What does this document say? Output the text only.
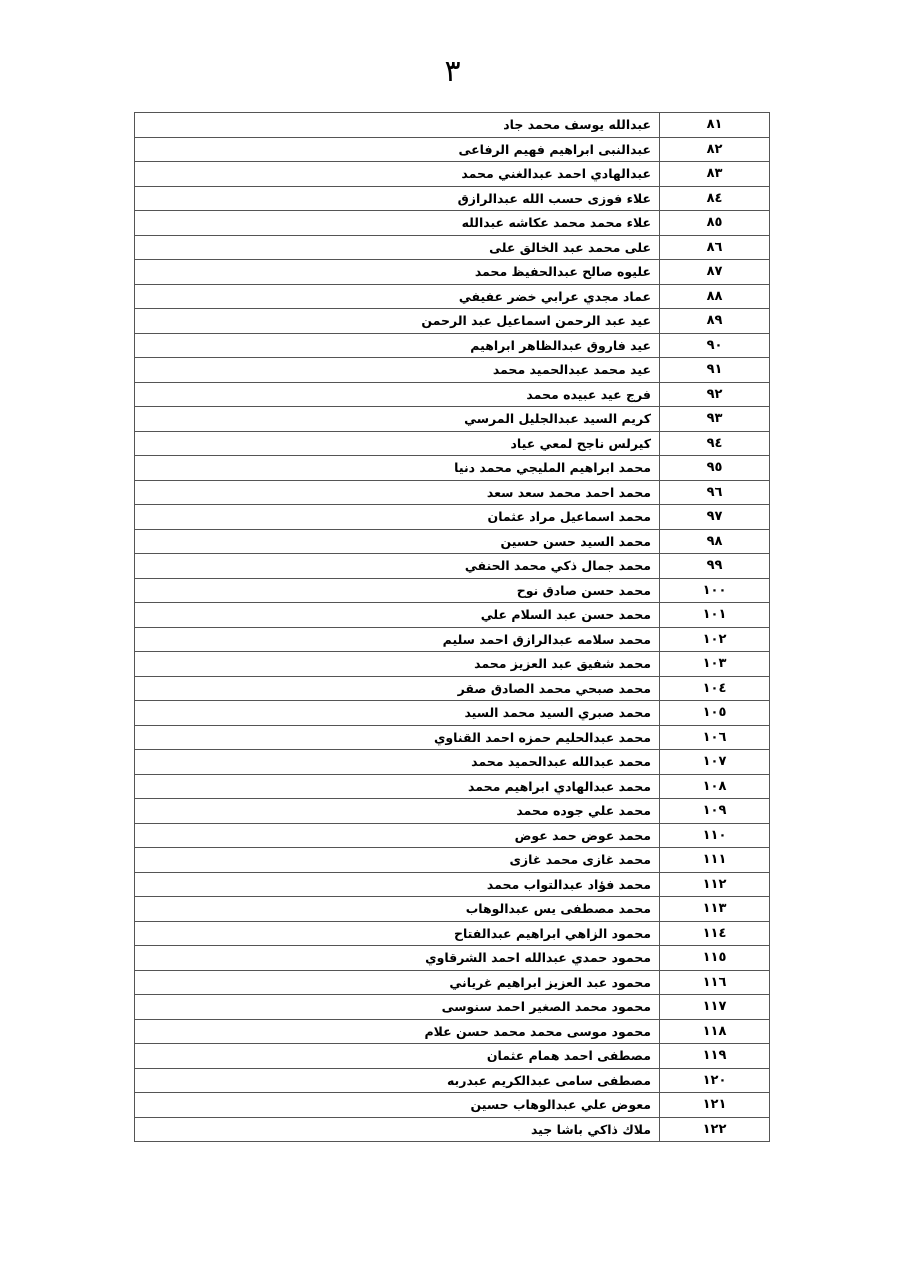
٣
٨١	عبدالله يوسف محمد جاد
٨٢	عبدالنبى ابراهيم فهيم الرفاعى
٨٣	عبدالهادي احمد عبدالغني محمد
٨٤	علاء فوزى حسب الله عبدالرازق
٨٥	علاء محمد محمد عكاشه عبدالله
٨٦	على محمد عبد الخالق على
٨٧	عليوه صالح عبدالحفيظ محمد
٨٨	عماد مجدي عرابي خضر عفيفي
٨٩	عيد عبد الرحمن اسماعيل عبد الرحمن
٩٠	عيد فاروق عبدالظاهر ابراهيم
٩١	عيد محمد عبدالحميد محمد
٩٢	فرج عيد عبيده محمد
٩٣	كريم السيد عبدالجليل المرسي
٩٤	كيرلس ناجح لمعي عياد
٩٥	محمد ابراهيم المليجي محمد دنيا
٩٦	محمد احمد محمد سعد سعد
٩٧	محمد اسماعيل مراد عثمان
٩٨	محمد السيد حسن حسين
٩٩	محمد جمال ذكي محمد الحنفي
١٠٠	محمد حسن صادق نوح
١٠١	محمد حسن عبد السلام علي
١٠٢	محمد سلامه عبدالرازق احمد سليم
١٠٣	محمد شفيق عبد العزيز محمد
١٠٤	محمد صبحي محمد الصادق صقر
١٠٥	محمد صبري السيد محمد السيد
١٠٦	محمد عبدالحليم حمزه احمد القناوي
١٠٧	محمد عبدالله عبدالحميد محمد
١٠٨	محمد عبدالهادي ابراهيم محمد
١٠٩	محمد علي جوده محمد
١١٠	محمد عوض حمد عوض
١١١	محمد غازى محمد غازى
١١٢	محمد فؤاد عبدالتواب محمد
١١٣	محمد مصطفى يس عبدالوهاب
١١٤	محمود الزاهي ابراهيم عبدالفتاح
١١٥	محمود حمدي عبدالله احمد الشرقاوي
١١٦	محمود عبد العزيز ابراهيم غرياني
١١٧	محمود محمد الصغير احمد سنوسى
١١٨	محمود موسى محمد محمد حسن علام
١١٩	مصطفى احمد همام عثمان
١٢٠	مصطفى سامى عبدالكريم عبدربه
١٢١	معوض علي عبدالوهاب حسين
١٢٢	ملاك ذاكي باشا جيد
